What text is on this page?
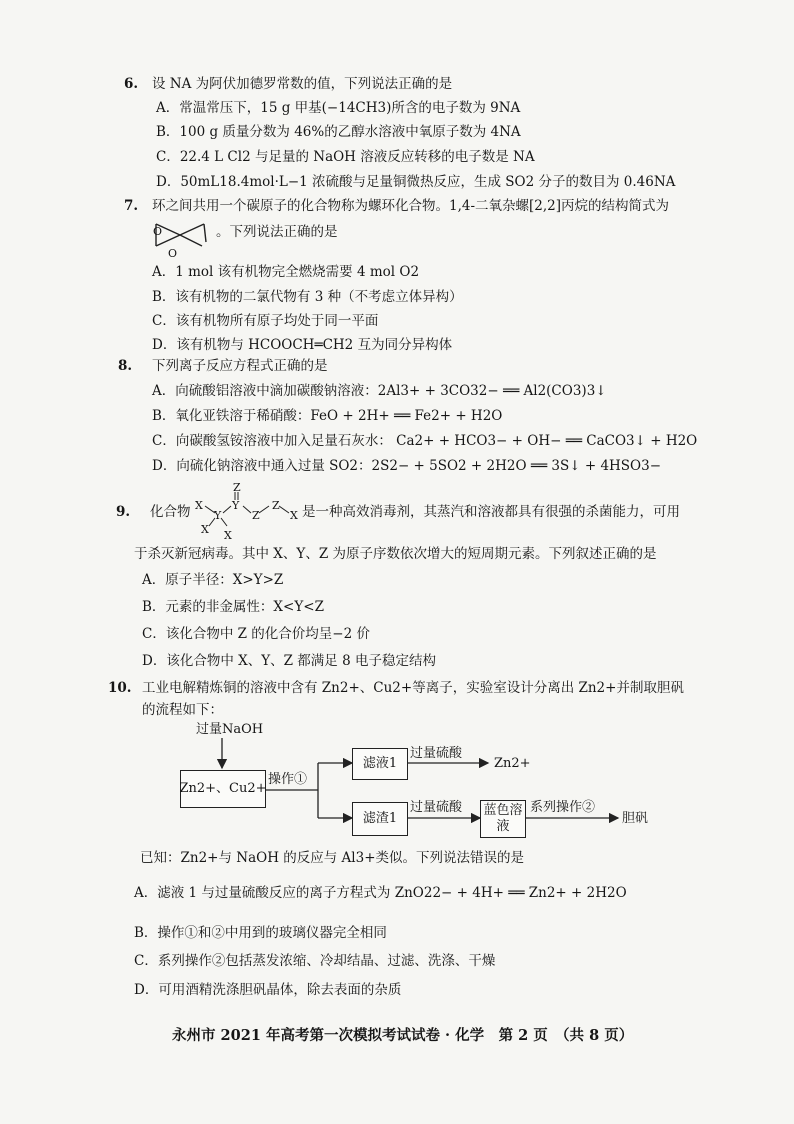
6. 设 NA 为阿伏加德罗常数的值，下列说法正确的是
A．常温常压下，15 g 甲基(−14CH3)所含的电子数为 9NA
B．100 g 质量分数为 46%的乙醇水溶液中氧原子数为 4NA
C．22.4 L Cl2 与足量的 NaOH 溶液反应转移的电子数是 NA
D．50mL18.4mol·L−1 浓硫酸与足量铜微热反应，生成 SO2 分子的数目为 0.46NA
7. 环之间共用一个碳原子的化合物称为螺环化合物。1,4-二氧杂螺[2,2]丙烷的结构简式为
O
O
。下列说法正确的是
A．1 mol 该有机物完全燃烧需要 4 mol O2
B．该有机物的二氯代物有 3 种（不考虑立体异构）
C．该有机物所有原子均处于同一平面
D．该有机物与 HCOOCH═CH2 互为同分异构体
8. 下列离子反应方程式正确的是
A．向硫酸铝溶液中滴加碳酸钠溶液：2Al3+ + 3CO32− ══ Al2(CO3)3↓
B．氧化亚铁溶于稀硝酸：FeO + 2H+ ══ Fe2+ + H2O
C．向碳酸氢铵溶液中加入足量石灰水： Ca2+ + HCO3− + OH− ══ CaCO3↓ + H2O
D．向硫化钠溶液中通入过量 SO2：2S2− + 5SO2 + 2H2O ══ 3S↓ + 4HSO3−
9. 化合物 X
Y
Y
Z
Z
Z
X
X X
是一种高效消毒剂，其蒸汽和溶液都具有很强的杀菌能力，可用
于杀灭新冠病毒。其中 X、Y、Z 为原子序数依次增大的短周期元素。下列叙述正确的是
A．原子半径：X>Y>Z
B．元素的非金属性：X<Y<Z
C．该化合物中 Z 的化合价均呈−2 价
D．该化合物中 X、Y、Z 都满足 8 电子稳定结构
10. 工业电解精炼铜的溶液中含有 Zn2+、Cu2+等离子，实验室设计分离出 Zn2+并制取胆矾
的流程如下：
过量NaOH
Zn2+、Cu2+
操作①
滤液1
滤渣1
过量硫酸
过量硫酸
Zn2+
蓝色溶液
系列操作②
胆矾
已知：Zn2+与 NaOH 的反应与 Al3+类似。下列说法错误的是
A．滤液 1 与过量硫酸反应的离子方程式为 ZnO22− + 4H+ ══ Zn2+ + 2H2O
B．操作①和②中用到的玻璃仪器完全相同
C．系列操作②包括蒸发浓缩、冷却结晶、过滤、洗涤、干燥
D．可用酒精洗涤胆矾晶体，除去表面的杂质
永州市 2021 年高考第一次模拟考试试卷 · 化学　第 2 页　（共 8 页）
